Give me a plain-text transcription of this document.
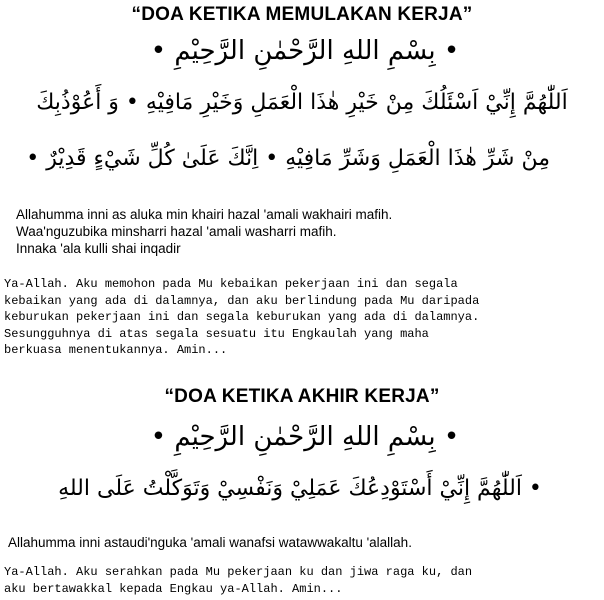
“DOA KETIKA MEMULAKAN KERJA”
• بِسْمِ اللهِ الرَّحْمٰنِ الرَّحِيْمِ •
اَللّٰهُمَّ إِنِّيْ اَسْئَلُكَ مِنْ خَيْرِ هٰذَا الْعَمَلِ وَخَيْرِ مَافِيْهِ • وَ أَعُوْذُبِكَ
مِنْ شَرِّ هٰذَا الْعَمَلِ وَشَرِّ مَافِيْهِ • اِنَّكَ عَلَىٰ كُلِّ شَيْءٍ قَدِيْرٌ •
Allahumma inni as aluka min khairi hazal 'amali wakhairi mafih.
Waa'nguzubika minsharri hazal 'amali washarri mafih.
Innaka 'ala kulli shai inqadir
Ya-Allah. Aku memohon pada Mu kebaikan pekerjaan ini dan segala
kebaikan yang ada di dalamnya, dan aku berlindung pada Mu daripada
keburukan pekerjaan ini dan segala keburukan yang ada di dalamnya.
Sesungguhnya di atas segala sesuatu itu Engkaulah yang maha
berkuasa menentukannya. Amin...
“DOA KETIKA AKHIR KERJA”
• بِسْمِ اللهِ الرَّحْمٰنِ الرَّحِيْمِ •
• اَللّٰهُمَّ إِنِّيْ أَسْتَوْدِعُكَ عَمَلِيْ وَنَفْسِيْ وَتَوَكَّلْتُ عَلَى اللهِ
Allahumma inni astaudi'nguka 'amali wanafsi watawwakaltu 'alallah.
Ya-Allah. Aku serahkan pada Mu pekerjaan ku dan jiwa raga ku, dan
aku bertawakkal kepada Engkau ya-Allah. Amin...
